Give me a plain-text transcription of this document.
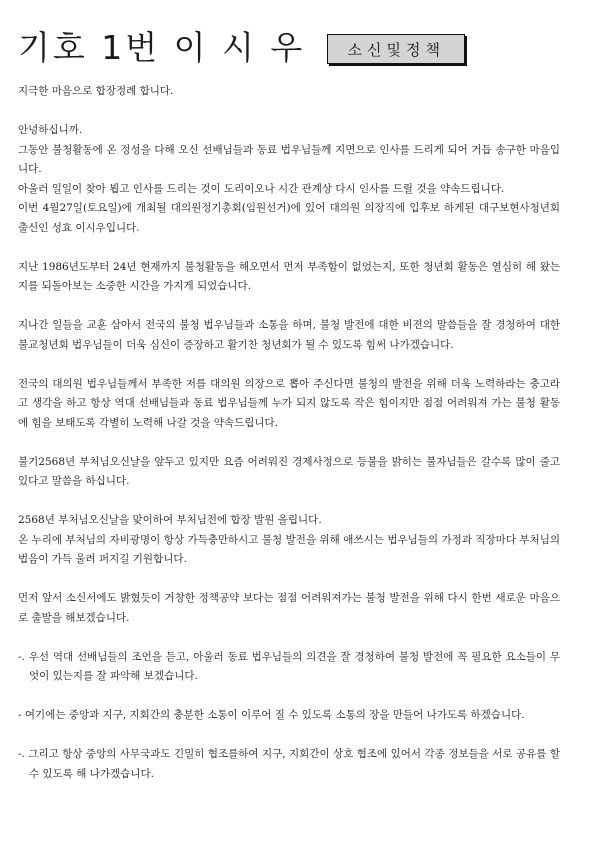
기호 1번 이 시 우	소신및정책

지극한 마음으로 합장정례 합니다.

안녕하십니까.

그동안 불청활동에 온 정성을 다해 오신 선배님들과 동료 법우님들께 지면으로 인사를 드리게 되어 거듭 송구한 마음입니다.

아울러 일일이 찾아 뵙고 인사를 드리는 것이 도리이오나 시간 관계상 다시 인사를 드릴 것을 약속드립니다.

이번 4월27일(토요일)에 개최될 대의원정기총회(임원선거)에 있어 대의원 의장직에 입후보 하게된 대구보현사청년회 출신인 성효 이시우입니다.

지난 1986년도부터 24년 현재까지 불청활동을 해오면서 먼저 부족함이 없었는지, 또한 청년회 활동은 열심히 해 왔는지를 되돌아보는 소중한 시간을 가지게 되었습니다.

지나간 일들을 교훈 삼아서 전국의 불청 법우님들과 소통을 하며, 불청 발전에 대한 비젼의 말씀들을 잘 경청하여 대한불교청년회 법우님들이 더욱 심신이 증장하고 활기찬 청년회가 될 수 있도록 힘써 나가겠습니다.

전국의 대의원 법우님들께서 부족한 저를 대의원 의장으로 뽑아 주신다면 불청의 발전을 위해 더욱 노력하라는 충고라고 생각을 하고 항상 역대 선배님들과 동료 법우님들께 누가 되지 않도록 작은 힘이지만 점점 어려워져 가는 불청 활동에 힘을 보태도록 각별히 노력해 나갈 것을 약속드립니다.

불기2568년 부처님오신날을 앞두고 있지만 요즘 어려워진 경제사정으로 등불을 밝히는 불자님들은 갈수록 많이 줄고 있다고 말씀을 하십니다.

2568년 부처님오신날을 맞이하여 부처님전에 합장 발원 올립니다.

온 누리에 부처님의 자비광명이 항상 가득충만하시고 불청 발전을 위해 애쓰시는 법우님들의 가정과 직장마다 부처님의 법음이 가득 울려 퍼지길 기원합니다.

먼저 앞서 소신서에도 밝혔듯이 거창한 정책공약 보다는 점점 어려워져가는 불청 발전을 위해 다시 한번 새로운 마음으로 출발을 해보겠습니다.

-. 우선 역대 선배님들의 조언을 듣고, 아울러 동료 법우님들의 의견을 잘 경청하여 불청 발전에 꼭 필요한 요소들이 무엇이 있는지를 잘 파악해 보겠습니다.

- 여기에는 중앙과 지구, 지회간의 충분한 소통이 이루어 질 수 있도록 소통의 장을 만들어 나가도록 하겠습니다.

-. 그리고 항상 중앙의 사무국과도 긴밀히 협조를하여 지구, 지회간이 상호 협조에 있어서 각종 정보들을 서로 공유를 할 수 있도록 해 나가겠습니다.
